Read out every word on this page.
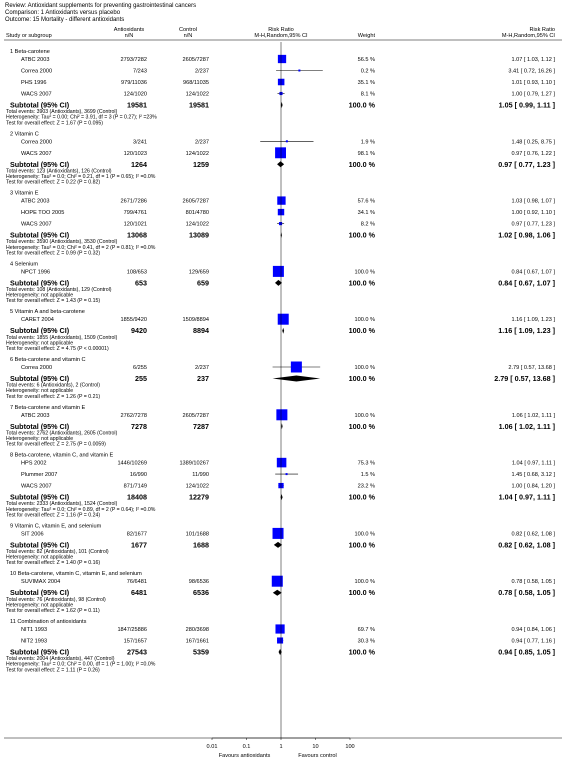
Review: Antioxidant supplements for preventing gastrointestinal cancers
Comparison: 1 Antioxidants versus placebo
Outcome: 15 Mortality - different antioxidants
Study or subgroup
Antioxidants
n/N
Control
n/N
Risk Ratio
M-H,Random,95% CI	Weight
Risk Ratio
M-H,Random,95% CI
1 Beta-carotene
ATBC 2003	2793/7282	2605/7287	56.5 %	1.07 [ 1.03, 1.12 ]
Correa 2000	7/243	2/237	0.2 %	3.41 [ 0.72, 16.26 ]
PHS 1996	979/11036	968/11035	35.1 %	1.01 [ 0.93, 1.10 ]
WACS 2007	124/1020	124/1022	8.1 %	1.00 [ 0.79, 1.27 ]
Subtotal (95% CI)	19581	19581	100.0 %	1.05 [ 0.99, 1.11 ]
Total events: 3903 (Antioxidants), 3699 (Control)
Heterogeneity: Tau² = 0.00; Chi² = 3.91, df = 3 (P = 0.27); I² =23%
Test for overall effect: Z = 1.67 (P = 0.095)
2 Vitamin C
Correa 2000	3/241	2/237	1.9 %	1.48 [ 0.25, 8.75 ]
WACS 2007	120/1023	124/1022	98.1 %	0.97 [ 0.76, 1.22 ]
Subtotal (95% CI)	1264	1259	100.0 %	0.97 [ 0.77, 1.23 ]
Total events: 123 (Antioxidants), 126 (Control)
Heterogeneity: Tau² = 0.0; Chi² = 0.21, df = 1 (P = 0.65); I² =0.0%
Test for overall effect: Z = 0.22 (P = 0.82)
3 Vitamin E
ATBC 2003	2671/7286	2605/7287	57.6 %	1.03 [ 0.98, 1.07 ]
HOPE TOO 2005	799/4761	801/4780	34.1 %	1.00 [ 0.92, 1.10 ]
WACS 2007	120/1021	124/1022	8.2 %	0.97 [ 0.77, 1.23 ]
Subtotal (95% CI)	13068	13089	100.0 %	1.02 [ 0.98, 1.06 ]
Total events: 3590 (Antioxidants), 3530 (Control)
Heterogeneity: Tau² = 0.0; Chi² = 0.41, df = 2 (P = 0.81); I² =0.0%
Test for overall effect: Z = 0.99 (P = 0.32)
4 Selenium
NPCT 1996	108/653	129/659	100.0 %	0.84 [ 0.67, 1.07 ]
Subtotal (95% CI)	653	659	100.0 %	0.84 [ 0.67, 1.07 ]
Total events: 108 (Antioxidants), 129 (Control)
Heterogeneity: not applicable
Test for overall effect: Z = 1.43 (P = 0.15)
5 Vitamin A and beta-carotene
CARET 2004	1855/9420	1509/8894	100.0 %	1.16 [ 1.09, 1.23 ]
Subtotal (95% CI)	9420	8894	100.0 %	1.16 [ 1.09, 1.23 ]
Total events: 1855 (Antioxidants), 1509 (Control)
Heterogeneity: not applicable
Test for overall effect: Z = 4.75 (P < 0.00001)
6 Beta-carotene and vitamin C
Correa 2000	6/255	2/237	100.0 %	2.79 [ 0.57, 13.68 ]
Subtotal (95% CI)	255	237	100.0 %	2.79 [ 0.57, 13.68 ]
Total events: 6 (Antioxidants), 2 (Control)
Heterogeneity: not applicable
Test for overall effect: Z = 1.26 (P = 0.21)
7 Beta-carotene and vitamin E
ATBC 2003	2762/7278	2605/7287	100.0 %	1.06 [ 1.02, 1.11 ]
Subtotal (95% CI)	7278	7287	100.0 %	1.06 [ 1.02, 1.11 ]
Total events: 2762 (Antioxidants), 2605 (Control)
Heterogeneity: not applicable
Test for overall effect: Z = 2.75 (P = 0.0059)
8 Beta-carotene, vitamin C, and vitamin E
HPS 2002	1446/10269	1389/10267	75.3 %	1.04 [ 0.97, 1.11 ]
Plummer 2007	16/990	11/990	1.5 %	1.45 [ 0.68, 3.12 ]
WACS 2007	871/7149	124/1022	23.2 %	1.00 [ 0.84, 1.20 ]
Subtotal (95% CI)	18408	12279	100.0 %	1.04 [ 0.97, 1.11 ]
Total events: 2333 (Antioxidants), 1524 (Control)
Heterogeneity: Tau² = 0.0; Chi² = 0.89, df = 2 (P = 0.64); I² =0.0%
Test for overall effect: Z = 1.16 (P = 0.24)
9 Vitamin C, vitamin E, and selenium
SIT 2006	82/1677	101/1688	100.0 %	0.82 [ 0.62, 1.08 ]
Subtotal (95% CI)	1677	1688	100.0 %	0.82 [ 0.62, 1.08 ]
Total events: 82 (Antioxidants), 101 (Control)
Heterogeneity: not applicable
Test for overall effect: Z = 1.40 (P = 0.16)
10 Beta-carotene, vitamin C, vitamin E, and selenium
SUVIMAX 2004	76/6481	98/6536	100.0 %	0.78 [ 0.58, 1.05 ]
Subtotal (95% CI)	6481	6536	100.0 %	0.78 [ 0.58, 1.05 ]
Total events: 76 (Antioxidants), 98 (Control)
Heterogeneity: not applicable
Test for overall effect: Z = 1.62 (P = 0.11)
11 Combination of antioxidants
NIT1 1993	1847/25886	280/3698	69.7 %	0.94 [ 0.84, 1.06 ]
NIT2 1993	157/1657	167/1661	30.3 %	0.94 [ 0.77, 1.16 ]
Subtotal (95% CI)	27543	5359	100.0 %	0.94 [ 0.85, 1.05 ]
Total events: 2004 (Antioxidants), 447 (Control)
Heterogeneity: Tau² = 0.0; Chi² = 0.00, df = 1 (P = 1.00); I² =0.0%
Test for overall effect: Z = 1.11 (P = 0.26)
0.01	0.1	1	10	100
Favours antioxidants	Favours control
